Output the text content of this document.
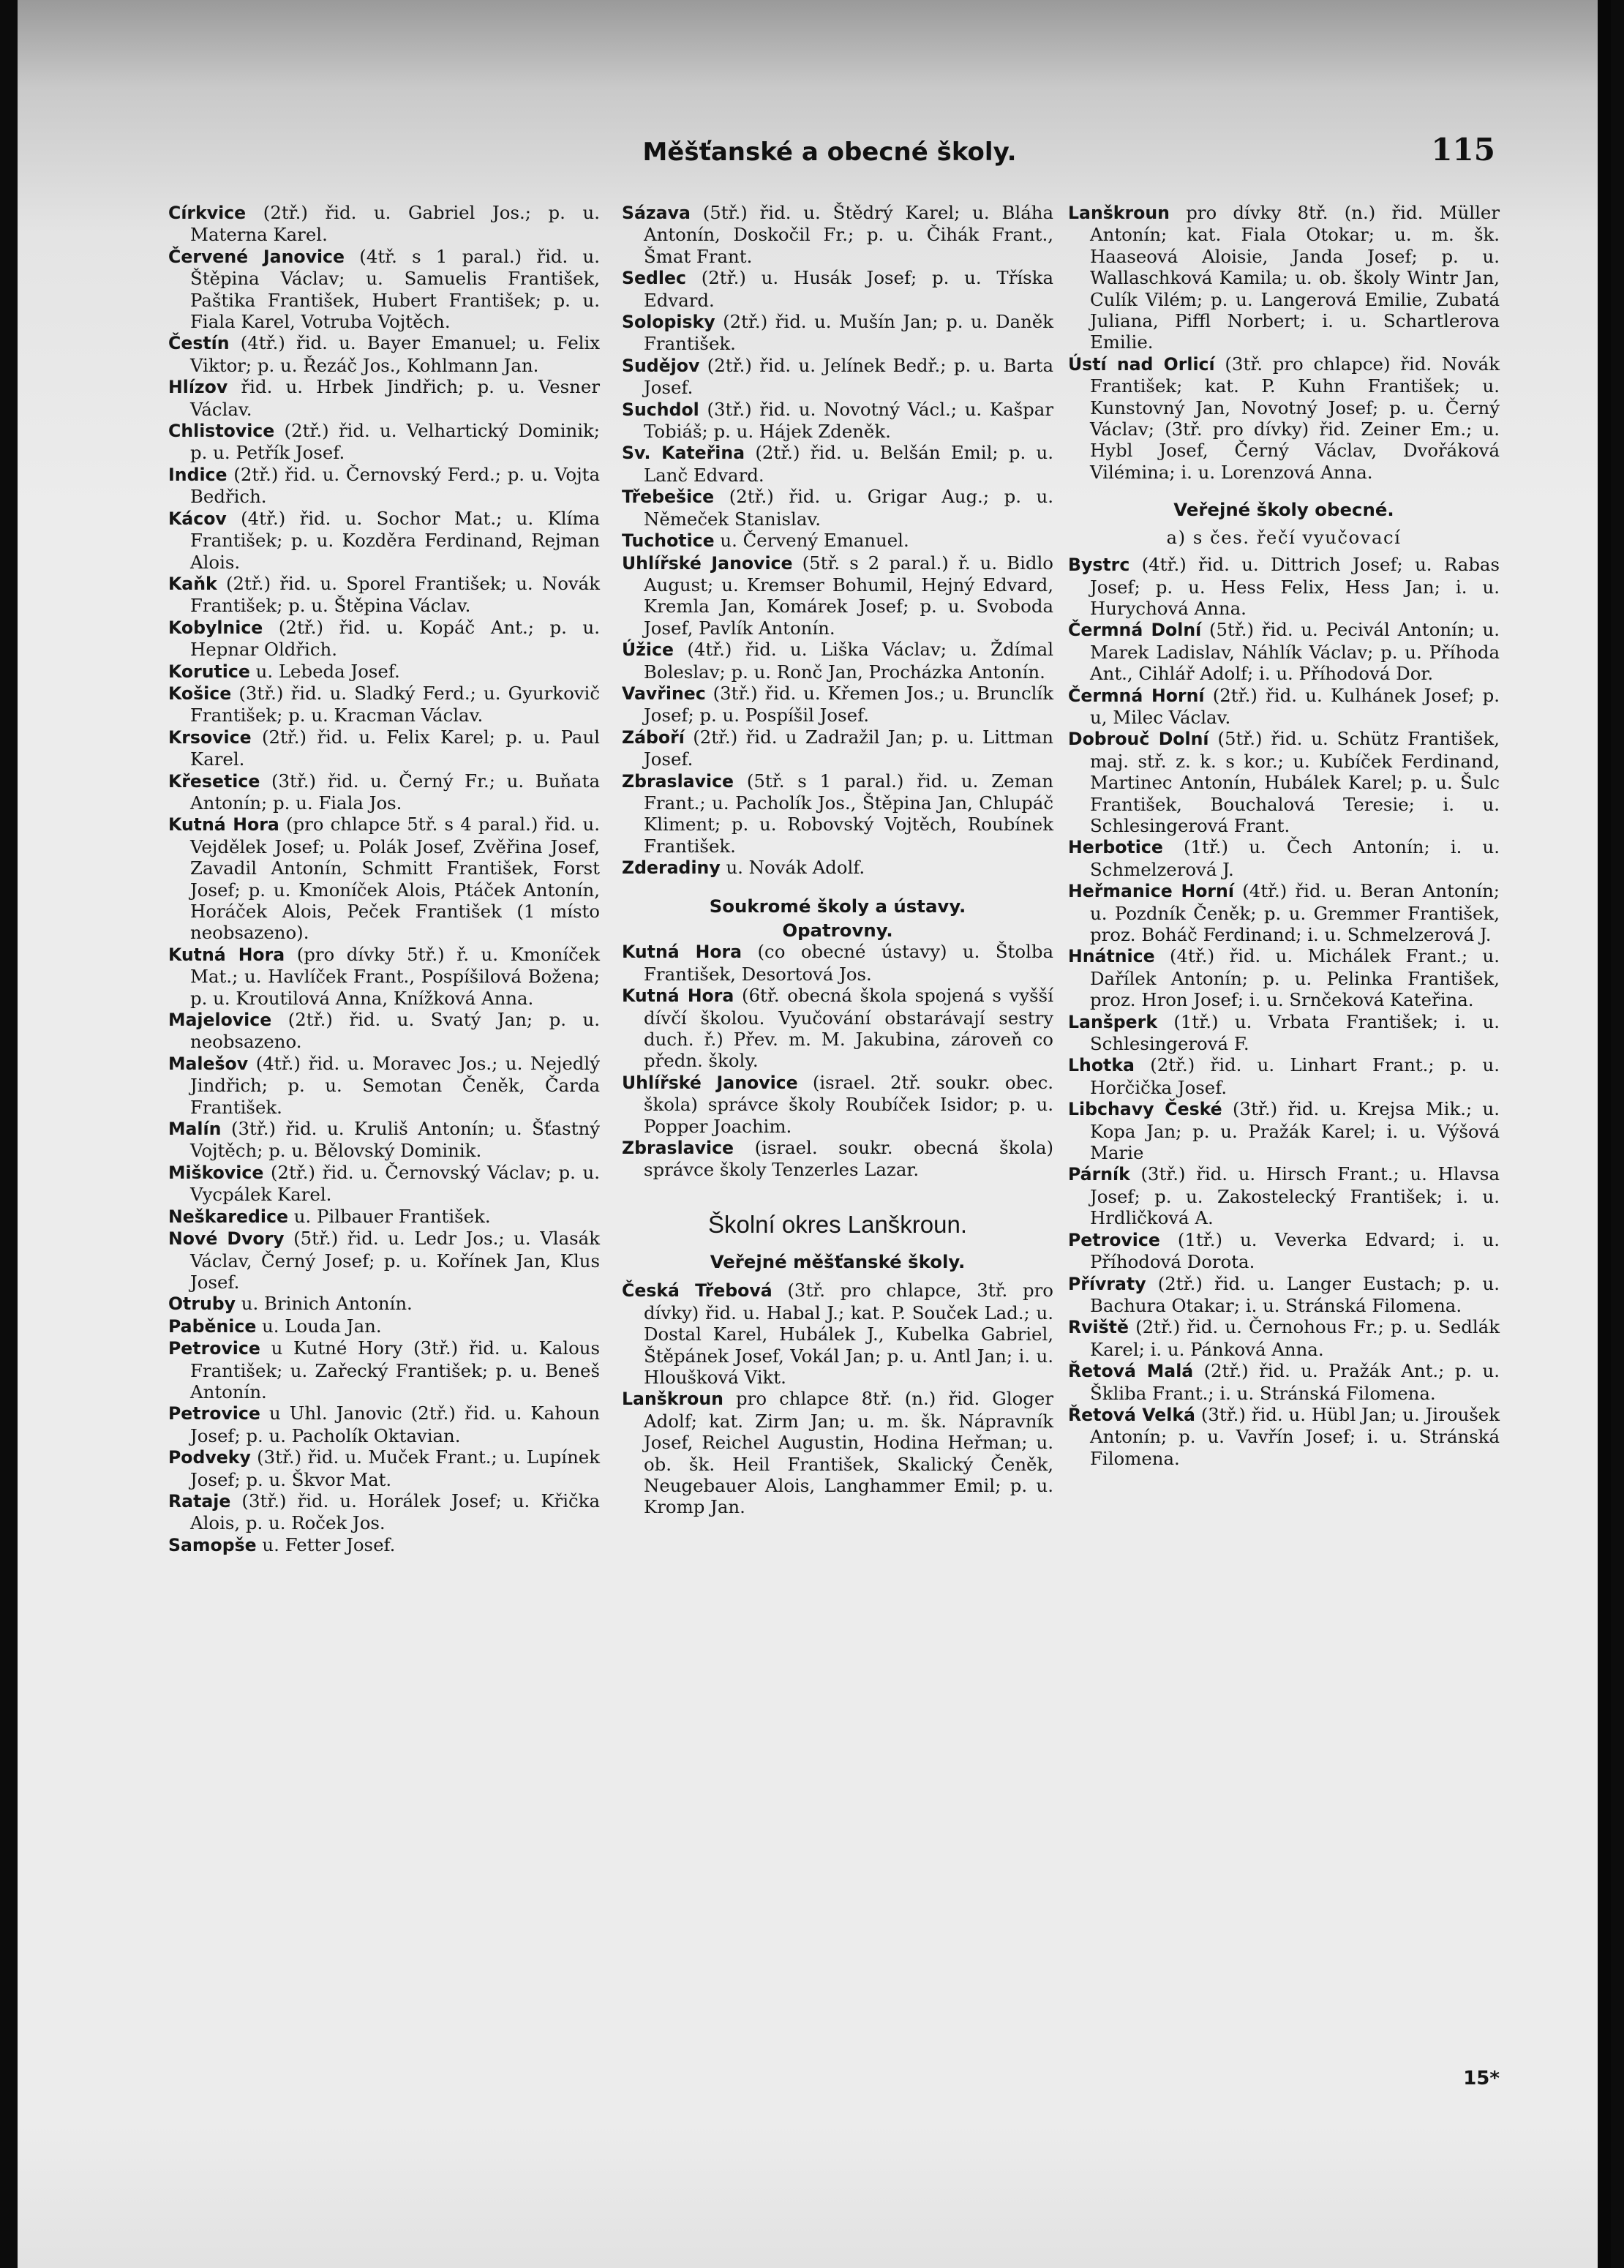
Měšťanské a obecné školy.	115

Církvice (2tř.) řid. u. Gabriel Jos.; p. u. Materna Karel.

Červené Janovice (4tř. s 1 paral.) řid. u. Štěpina Václav; u. Samuelis František, Paštika František, Hubert František; p. u. Fiala Karel, Votruba Vojtěch.

Čestín (4tř.) řid. u. Bayer Emanuel; u. Felix Viktor; p. u. Řezáč Jos., Kohlmann Jan.

Hlízov řid. u. Hrbek Jindřich; p. u. Vesner Václav.

Chlistovice (2tř.) řid. u. Velhartický Dominik; p. u. Petřík Josef.

Indice (2tř.) řid. u. Černovský Ferd.; p. u. Vojta Bedřich.

Kácov (4tř.) řid. u. Sochor Mat.; u. Klíma František; p. u. Kozděra Ferdinand, Rejman Alois.

Kaňk (2tř.) řid. u. Sporel František; u. Novák František; p. u. Štěpina Václav.

Kobylnice (2tř.) řid. u. Kopáč Ant.; p. u. Hepnar Oldřich.

Korutice u. Lebeda Josef.

Košice (3tř.) řid. u. Sladký Ferd.; u. Gyurkovič František; p. u. Kracman Václav.

Krsovice (2tř.) řid. u. Felix Karel; p. u. Paul Karel.

Křesetice (3tř.) řid. u. Černý Fr.; u. Buňata Antonín; p. u. Fiala Jos.

Kutná Hora (pro chlapce 5tř. s 4 paral.) řid. u. Vejdělek Josef; u. Polák Josef, Zvěřina Josef, Zavadil Antonín, Schmitt František, Forst Josef; p. u. Kmoníček Alois, Ptáček Antonín, Horáček Alois, Peček František (1 místo neobsazeno).

Kutná Hora (pro dívky 5tř.) ř. u. Kmoníček Mat.; u. Havlíček Frant., Pospíšilová Božena; p. u. Kroutilová Anna, Knížková Anna.

Majelovice (2tř.) řid. u. Svatý Jan; p. u. neobsazeno.

Malešov (4tř.) řid. u. Moravec Jos.; u. Nejedlý Jindřich; p. u. Semotan Čeněk, Čarda František.

Malín (3tř.) řid. u. Kruliš Antonín; u. Šťastný Vojtěch; p. u. Bělovský Dominik.

Miškovice (2tř.) řid. u. Černovský Václav; p. u. Vycpálek Karel.

Neškaredice u. Pilbauer František.

Nové Dvory (5tř.) řid. u. Ledr Jos.; u. Vlasák Václav, Černý Josef; p. u. Kořínek Jan, Klus Josef.

Otruby u. Brinich Antonín.

Paběnice u. Louda Jan.

Petrovice u Kutné Hory (3tř.) řid. u. Kalous František; u. Zařecký František; p. u. Beneš Antonín.

Petrovice u Uhl. Janovic (2tř.) řid. u. Kahoun Josef; p. u. Pacholík Oktavian.

Podveky (3tř.) řid. u. Muček Frant.; u. Lupínek Josef; p. u. Škvor Mat.

Rataje (3tř.) řid. u. Horálek Josef; u. Křička Alois, p. u. Roček Jos.

Samopše u. Fetter Josef.

Sázava (5tř.) řid. u. Štědrý Karel; u. Bláha Antonín, Doskočil Fr.; p. u. Čihák Frant., Šmat Frant.

Sedlec (2tř.) u. Husák Josef; p. u. Tříska Edvard.

Solopisky (2tř.) řid. u. Mušín Jan; p. u. Daněk František.

Sudějov (2tř.) řid. u. Jelínek Bedř.; p. u. Barta Josef.

Suchdol (3tř.) řid. u. Novotný Václ.; u. Kašpar Tobiáš; p. u. Hájek Zdeněk.

Sv. Kateřina (2tř.) řid. u. Belšán Emil; p. u. Lanč Edvard.

Třebešice (2tř.) řid. u. Grigar Aug.; p. u. Němeček Stanislav.

Tuchotice u. Červený Emanuel.

Uhlířské Janovice (5tř. s 2 paral.) ř. u. Bidlo August; u. Kremser Bohumil, Hejný Edvard, Kremla Jan, Komárek Josef; p. u. Svoboda Josef, Pavlík Antonín.

Úžice (4tř.) řid. u. Liška Václav; u. Ždímal Boleslav; p. u. Ronč Jan, Procházka Antonín.

Vavřinec (3tř.) řid. u. Křemen Jos.; u. Brunclík Josef; p. u. Pospíšil Josef.

Záboří (2tř.) řid. u Zadražil Jan; p. u. Littman Josef.

Zbraslavice (5tř. s 1 paral.) řid. u. Zeman Frant.; u. Pacholík Jos., Štěpina Jan, Chlupáč Kliment; p. u. Robovský Vojtěch, Roubínek František.

Zderadiny u. Novák Adolf.

Soukromé školy a ústavy.

Opatrovny.

Kutná Hora (co obecné ústavy) u. Štolba František, Desortová Jos.

Kutná Hora (6tř. obecná škola spojená s vyšší dívčí školou. Vyučování obstarávají sestry duch. ř.) Přev. m. M. Jakubina, zároveň co předn. školy.

Uhlířské Janovice (israel. 2tř. soukr. obec. škola) správce školy Roubíček Isidor; p. u. Popper Joachim.

Zbraslavice (israel. soukr. obecná škola) správce školy Tenzerles Lazar.

Školní okres Lanškroun.

Veřejné měšťanské školy.

Česká Třebová (3tř. pro chlapce, 3tř. pro dívky) řid. u. Habal J.; kat. P. Souček Lad.; u. Dostal Karel, Hubálek J., Kubelka Gabriel, Štěpánek Josef, Vokál Jan; p. u. Antl Jan; i. u. Hloušková Vikt.

Lanškroun pro chlapce 8tř. (n.) řid. Gloger Adolf; kat. Zirm Jan; u. m. šk. Nápravník Josef, Reichel Augustin, Hodina Heřman; u. ob. šk. Heil František, Skalický Čeněk, Neugebauer Alois, Langhammer Emil; p. u. Kromp Jan.

Lanškroun pro dívky 8tř. (n.) řid. Müller Antonín; kat. Fiala Otokar; u. m. šk. Haaseová Aloisie, Janda Josef; p. u. Wallaschková Kamila; u. ob. školy Wintr Jan, Culík Vilém; p. u. Langerová Emilie, Zubatá Juliana, Piffl Norbert; i. u. Schartlerova Emilie.

Ústí nad Orlicí (3tř. pro chlapce) řid. Novák František; kat. P. Kuhn František; u. Kunstovný Jan, Novotný Josef; p. u. Černý Václav; (3tř. pro dívky) řid. Zeiner Em.; u. Hybl Josef, Černý Václav, Dvořáková Vilémina; i. u. Lorenzová Anna.

Veřejné školy obecné.

a) s čes. řečí vyučovací

Bystrc (4tř.) řid. u. Dittrich Josef; u. Rabas Josef; p. u. Hess Felix, Hess Jan; i. u. Hurychová Anna.

Čermná Dolní (5tř.) řid. u. Pecivál Antonín; u. Marek Ladislav, Náhlík Václav; p. u. Příhoda Ant., Cihlář Adolf; i. u. Příhodová Dor.

Čermná Horní (2tř.) řid. u. Kulhánek Josef; p. u, Milec Václav.

Dobrouč Dolní (5tř.) řid. u. Schütz František, maj. stř. z. k. s kor.; u. Kubíček Ferdinand, Martinec Antonín, Hubálek Karel; p. u. Šulc František, Bouchalová Teresie; i. u. Schlesingerová Frant.

Herbotice (1tř.) u. Čech Antonín; i. u. Schmelzerová J.

Heřmanice Horní (4tř.) řid. u. Beran Antonín; u. Pozdník Čeněk; p. u. Gremmer František, proz. Boháč Ferdinand; i. u. Schmelzerová J.

Hnátnice (4tř.) řid. u. Michálek Frant.; u. Dařílek Antonín; p. u. Pelinka František, proz. Hron Josef; i. u. Srnčeková Kateřina.

Lanšperk (1tř.) u. Vrbata František; i. u. Schlesingerová F.

Lhotka (2tř.) řid. u. Linhart Frant.; p. u. Horčička Josef.

Libchavy České (3tř.) řid. u. Krejsa Mik.; u. Kopa Jan; p. u. Pražák Karel; i. u. Výšová Marie

Párník (3tř.) řid. u. Hirsch Frant.; u. Hlavsa Josef; p. u. Zakostelecký František; i. u. Hrdličková A.

Petrovice (1tř.) u. Veverka Edvard; i. u. Příhodová Dorota.

Přívraty (2tř.) řid. u. Langer Eustach; p. u. Bachura Otakar; i. u. Stránská Filomena.

Rviště (2tř.) řid. u. Černohous Fr.; p. u. Sedlák Karel; i. u. Pánková Anna.

Řetová Malá (2tř.) řid. u. Pražák Ant.; p. u. Škliba Frant.; i. u. Stránská Filomena.

Řetová Velká (3tř.) řid. u. Hübl Jan; u. Jiroušek Antonín; p. u. Vavřín Josef; i. u. Stránská Filomena.

15*
